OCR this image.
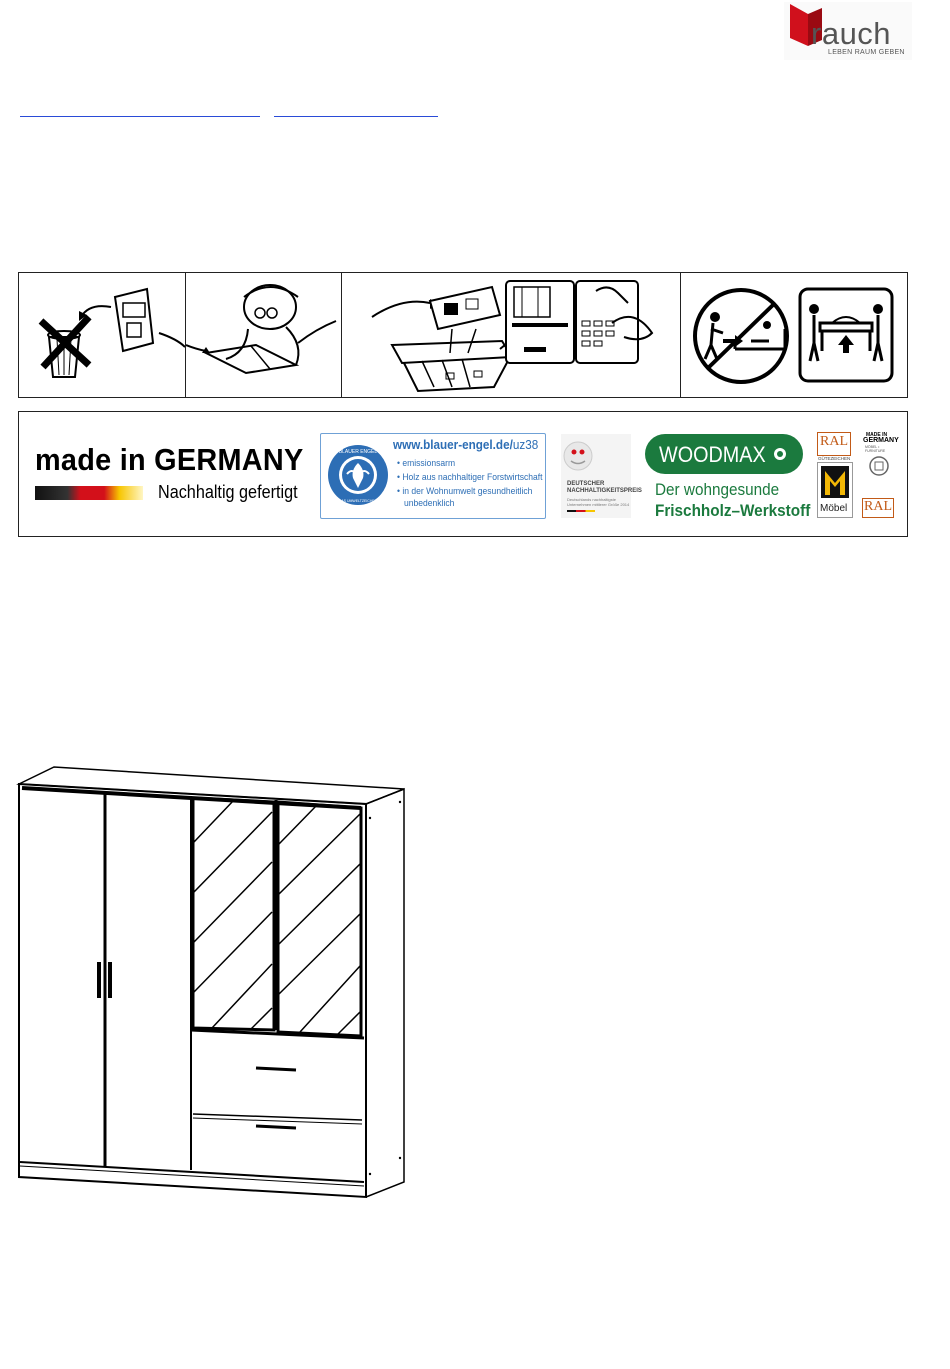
rauch
LEBEN RAUM GEBEN
made in GERMANY
Nachhaltig gefertigt
BLAUER ENGEL
DAS UMWELTZEICHEN
www.blauer-engel.de/uz38
• emissionsarm
• Holz aus nachhaltiger Forstwirtschaft
• in der Wohnumwelt gesundheitlich
unbedenklich
DEUTSCHER
NACHHALTIGKEITSPREIS
Deutschlands nachhaltigste
Unternehmen mittlerer Größe 2014
WOODMAX
Der wohngesunde
Frischholz–Werkstoff
RAL
GÜTEZEICHEN
Möbel
MADE IN
GERMANY
MÖBEL • FURNITURE
RAL
